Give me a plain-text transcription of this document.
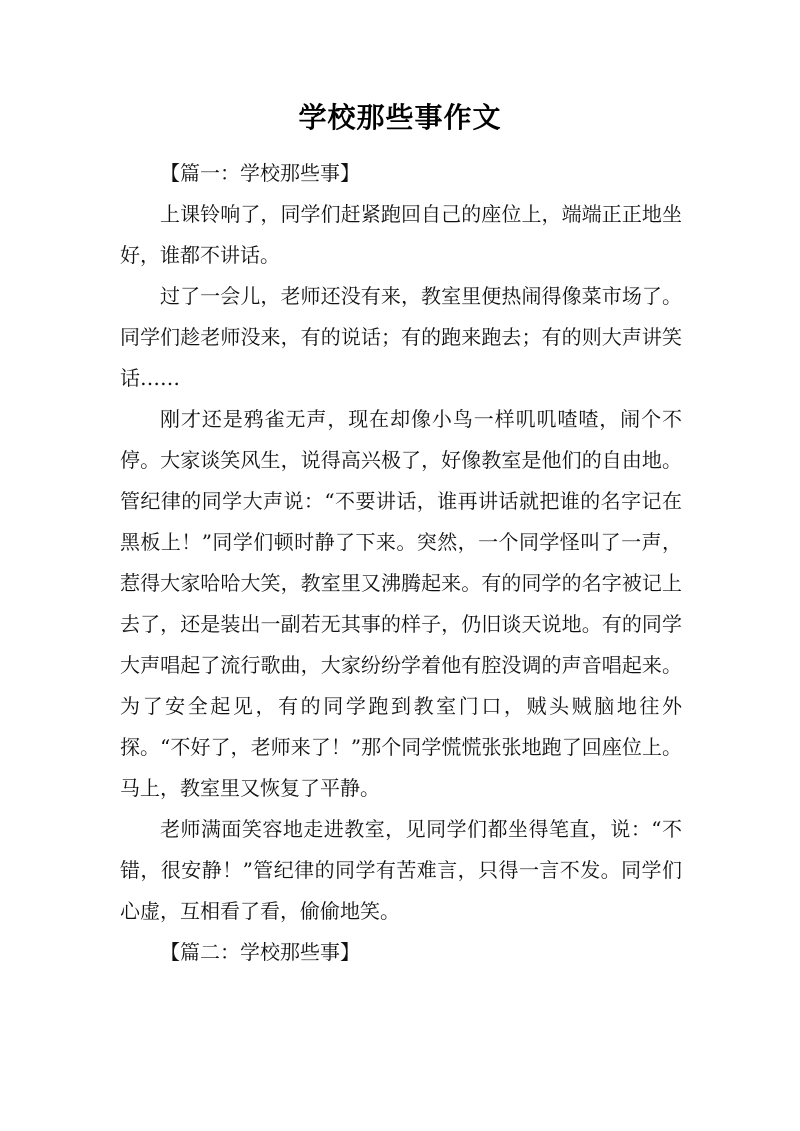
学校那些事作文

【篇一：学校那些事】

上课铃响了，同学们赶紧跑回自己的座位上，端端正正地坐好，谁都不讲话。

过了一会儿，老师还没有来，教室里便热闹得像菜市场了。同学们趁老师没来，有的说话；有的跑来跑去；有的则大声讲笑话……

刚才还是鸦雀无声，现在却像小鸟一样叽叽喳喳，闹个不停。大家谈笑风生，说得高兴极了，好像教室是他们的自由地。管纪律的同学大声说：“不要讲话，谁再讲话就把谁的名字记在黑板上！”同学们顿时静了下来。突然，一个同学怪叫了一声，惹得大家哈哈大笑，教室里又沸腾起来。有的同学的名字被记上去了，还是装出一副若无其事的样子，仍旧谈天说地。有的同学大声唱起了流行歌曲，大家纷纷学着他有腔没调的声音唱起来。为了安全起见，有的同学跑到教室门口，贼头贼脑地往外探。“不好了，老师来了！”那个同学慌慌张张地跑了回座位上。马上，教室里又恢复了平静。

老师满面笑容地走进教室，见同学们都坐得笔直，说：“不错，很安静！”管纪律的同学有苦难言，只得一言不发。同学们心虚，互相看了看，偷偷地笑。

【篇二：学校那些事】
